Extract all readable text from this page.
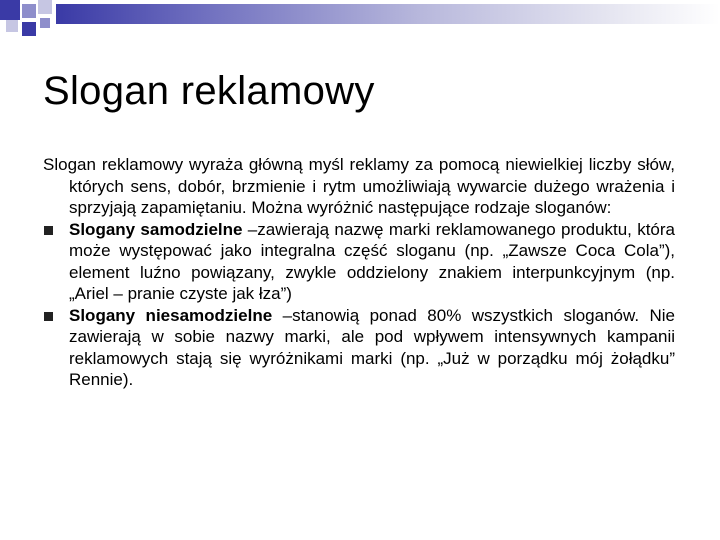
Slogan reklamowy

Slogan reklamowy wyraża główną myśl reklamy za pomocą niewielkiej liczby słów, których sens, dobór, brzmienie i rytm umożliwiają wywarcie dużego wrażenia i sprzyjają zapamiętaniu. Można wyróżnić następujące rodzaje sloganów:

Slogany samodzielne –zawierają nazwę marki reklamowanego produktu, która może występować jako integralna część sloganu (np. „Zawsze Coca Cola”), element luźno powiązany, zwykle oddzielony znakiem interpunkcyjnym (np. „Ariel – pranie czyste jak łza”)
Slogany niesamodzielne –stanowią ponad 80% wszystkich sloganów. Nie zawierają w sobie nazwy marki, ale pod wpływem intensywnych kampanii reklamowych stają się wyróżnikami marki (np. „Już w porządku mój żołądku” Rennie).
